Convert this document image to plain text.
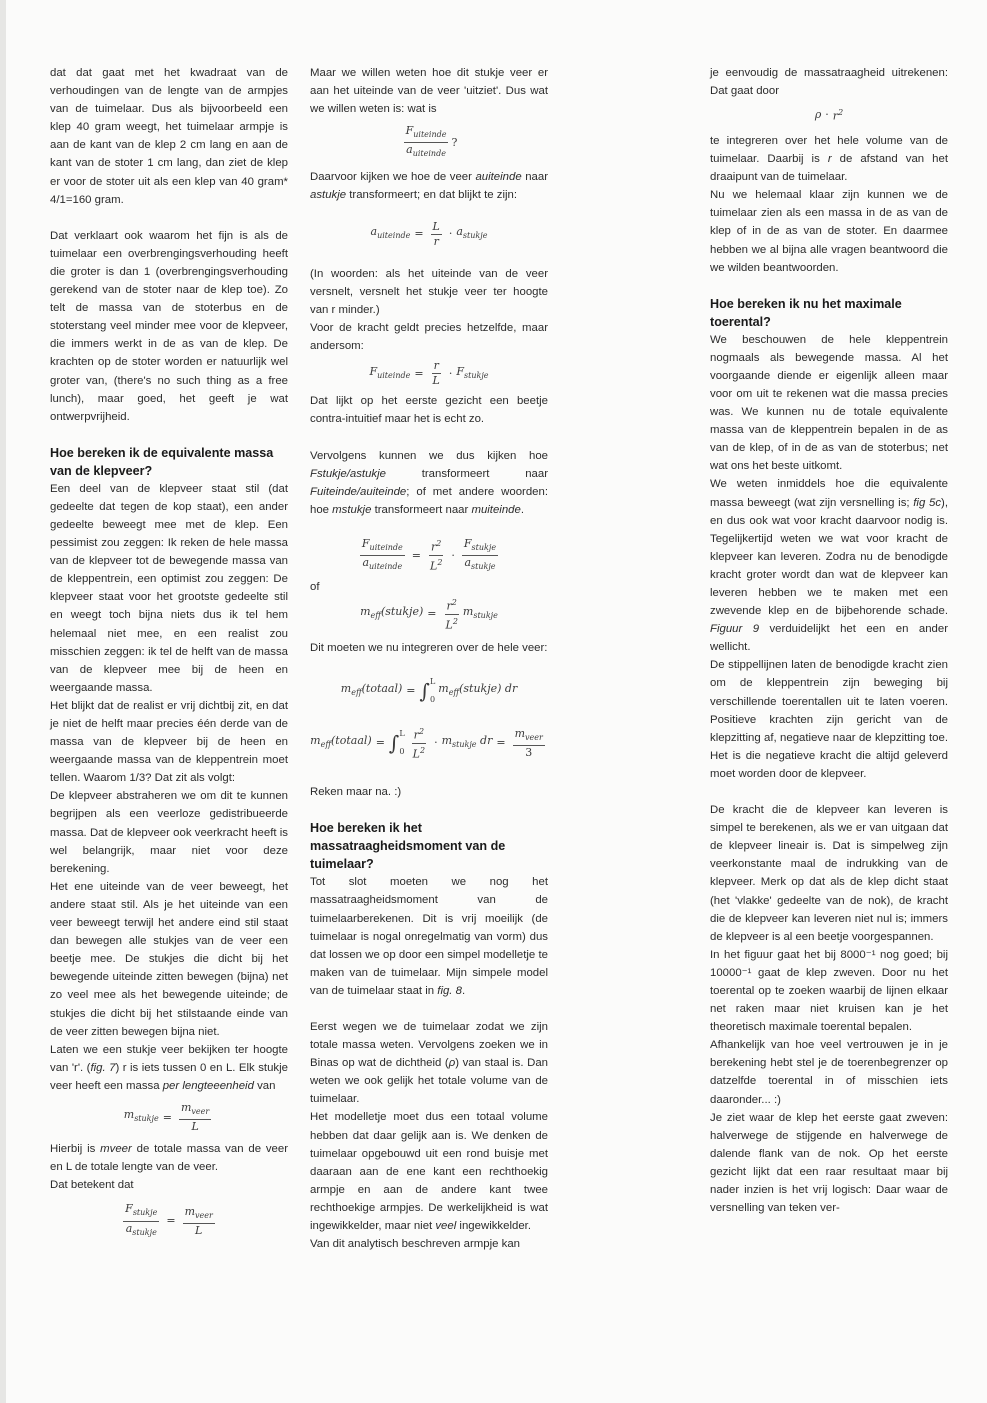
dat dat gaat met het kwadraat van de verhoudingen van de lengte van de armpjes van de tuimelaar. Dus als bijvoorbeeld een klep 40 gram weegt, het tuimelaar armpje is aan de kant van de klep 2 cm lang en aan de kant van de stoter 1 cm lang, dan ziet de klep er voor de stoter uit als een klep van 40 gram* 4/1=160 gram.

Dat verklaart ook waarom het fijn is als de tuimelaar een overbrengingsverhouding heeft die groter is dan 1 (overbrengingsverhouding gerekend van de stoter naar de klep toe). Zo telt de massa van de stoterbus en de stoterstang veel minder mee voor de klepveer, die immers werkt in de as van de klep. De krachten op de stoter worden er natuurlijk wel groter van, (there's no such thing as a free lunch), maar goed, het geeft je wat ontwerpvrijheid.

Hoe bereken ik de equivalente massa van de klepveer?

Een deel van de klepveer staat stil (dat gedeelte dat tegen de kop staat), een ander gedeelte beweegt mee met de klep. Een pessimist zou zeggen: Ik reken de hele massa van de klepveer tot de bewegende massa van de kleppentrein, een optimist zou zeggen: De klepveer staat voor het grootste gedeelte stil en weegt toch bijna niets dus ik tel hem helemaal niet mee, en een realist zou misschien zeggen: ik tel de helft van de massa van de klepveer mee bij de heen en weergaande massa.

Het blijkt dat de realist er vrij dichtbij zit, en dat je niet de helft maar precies één derde van de massa van de klepveer bij de heen en weergaande massa van de kleppentrein moet tellen. Waarom 1/3? Dat zit als volgt:

De klepveer abstraheren we om dit te kunnen begrijpen als een veerloze gedistribueerde massa. Dat de klepveer ook veerkracht heeft is wel belangrijk, maar niet voor deze berekening.

Het ene uiteinde van de veer beweegt, het andere staat stil. Als je het uiteinde van een veer beweegt terwijl het andere eind stil staat dan bewegen alle stukjes van de veer een beetje mee. De stukjes die dicht bij het bewegende uiteinde zitten bewegen (bijna) net zo veel mee als het bewegende uiteinde; de stukjes die dicht bij het stilstaande einde van de veer zitten bewegen bijna niet.

Laten we een stukje veer bekijken ter hoogte van 'r'. (fig. 7) r is iets tussen 0 en L. Elk stukje veer heeft een massa per lengteeenheid van

$m_{stukje} = \frac{m_{veer}}{L}$

Hierbij is mveer de totale massa van de veer en L de totale lengte van de veer.

Dat betekent dat

$\frac{F_{stukje}}{a_{stukje}} = \frac{m_{veer}}{L}$

Maar we willen weten hoe dit stukje veer er aan het uiteinde van de veer 'uitziet'. Dus wat we willen weten is: wat is

$\frac{F_{uiteinde}}{a_{uiteinde}}$ ?

Daarvoor kijken we hoe de veer auiteinde naar astukje transformeert; en dat blijkt te zijn:

$a_{uiteinde} = \frac{L}{r} \cdot a_{stukje}$

(In woorden: als het uiteinde van de veer versnelt, versnelt het stukje veer ter hoogte van r minder.)

Voor de kracht geldt precies hetzelfde, maar andersom:

$F_{uiteinde} = \frac{r}{L} \cdot F_{stukje}$

Dat lijkt op het eerste gezicht een beetje contra-intuitief maar het is echt zo.

Vervolgens kunnen we dus kijken hoe Fstukje/astukje transformeert naar Fuiteinde/auiteinde; of met andere woorden: hoe mstukje transformeert naar muiteinde.

$\frac{F_{uiteinde}}{a_{uiteinde}} = \frac{r^2}{L^2} \cdot \frac{F_{stukje}}{a_{stukje}}$

of

$m_{eff}(stukje) = \frac{r^2}{L^2} m_{stukje}$

Dit moeten we nu integreren over de hele veer:

$m_{eff}(totaal)$ = ∫ L
0
$m_{eff}(stukje)$ dr
$m_{eff}(totaal)$ = ∫ L
$0 \frac{r^2}{L^2} \cdot m_{stukje}$ dr = $\frac{m_{veer}}{3}$

Reken maar na. :)

Hoe bereken ik het massatraagheidsmoment van de tuimelaar?

Tot slot moeten we nog het massatraagheidsmoment van de tuimelaarberekenen. Dit is vrij moeilijk (de tuimelaar is nogal onregelmatig van vorm) dus dat lossen we op door een simpel modelletje te maken van de tuimelaar. Mijn simpele model van de tuimelaar staat in fig. 8.

Eerst wegen we de tuimelaar zodat we zijn totale massa weten. Vervolgens zoeken we in Binas op wat de dichtheid (ρ) van staal is. Dan weten we ook gelijk het totale volume van de tuimelaar.

Het modelletje moet dus een totaal volume hebben dat daar gelijk aan is. We denken de tuimelaar opgebouwd uit een rond buisje met daaraan aan de ene kant een rechthoekig armpje en aan de andere kant twee rechthoekige armpjes. De werkelijkheid is wat ingewikkelder, maar niet veel ingewikkelder.

Van dit analytisch beschreven armpje kan

je eenvoudig de massatraagheid uitrekenen: Dat gaat door

$\rho \cdot r^2$

te integreren over het hele volume van de tuimelaar. Daarbij is r de afstand van het draaipunt van de tuimelaar.

Nu we helemaal klaar zijn kunnen we de tuimelaar zien als een massa in de as van de klep of in de as van de stoter. En daarmee hebben we al bijna alle vragen beantwoord die we wilden beantwoorden.

Hoe bereken ik nu het maximale toerental?

We beschouwen de hele kleppentrein nogmaals als bewegende massa. Al het voorgaande diende er eigenlijk alleen maar voor om uit te rekenen wat die massa precies was. We kunnen nu de totale equivalente massa van de kleppentrein bepalen in de as van de klep, of in de as van de stoterbus; net wat ons het beste uitkomt.

We weten inmiddels hoe die equivalente massa beweegt (wat zijn versnelling is; fig 5c), en dus ook wat voor kracht daarvoor nodig is. Tegelijkertijd weten we wat voor kracht de klepveer kan leveren. Zodra nu de benodigde kracht groter wordt dan wat de klepveer kan leveren hebben we te maken met een zwevende klep en de bijbehorende schade. Figuur 9 verduidelijkt het een en ander wellicht.

De stippellijnen laten de benodigde kracht zien om de kleppentrein zijn beweging bij verschillende toerentallen uit te laten voeren. Positieve krachten zijn gericht van de klepzitting af, negatieve naar de klepzitting toe. Het is die negatieve kracht die altijd geleverd moet worden door de klepveer.

De kracht die de klepveer kan leveren is simpel te berekenen, als we er van uitgaan dat de klepveer lineair is. Dat is simpelweg zijn veerkonstante maal de indrukking van de klepveer. Merk op dat als de klep dicht staat (het 'vlakke' gedeelte van de nok), de kracht die de klepveer kan leveren niet nul is; immers de klepveer is al een beetje voorgespannen.

In het figuur gaat het bij 8000⁻¹ nog goed; bij 10000⁻¹ gaat de klep zweven. Door nu het toerental op te zoeken waarbij de lijnen elkaar net raken maar niet kruisen kan je het theoretisch maximale toerental bepalen.

Afhankelijk van hoe veel vertrouwen je in je berekening hebt stel je de toerenbegrenzer op datzelfde toerental in of misschien iets daaronder... :)

Je ziet waar de klep het eerste gaat zweven: halverwege de stijgende en halverwege de dalende flank van de nok. Op het eerste gezicht lijkt dat een raar resultaat maar bij nader inzien is het vrij logisch: Daar waar de versnelling van teken ver-
